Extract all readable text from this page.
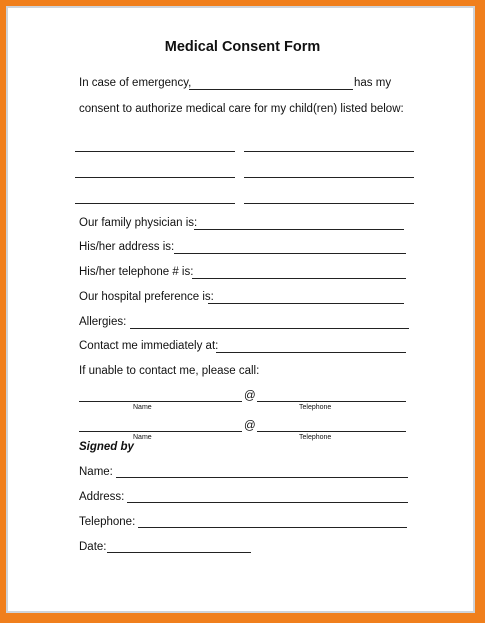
Medical Consent Form
In case of emergency,	has my
consent to authorize medical care for my child(ren) listed below:
Our family physician is:
His/her address is:
His/her telephone # is:
Our hospital preference is:
Allergies:
Contact me immediately at:
If unable to contact me, please call:
@
Name	Telephone
@
Name	Telephone
Signed by
Name:
Address:
Telephone:
Date:
